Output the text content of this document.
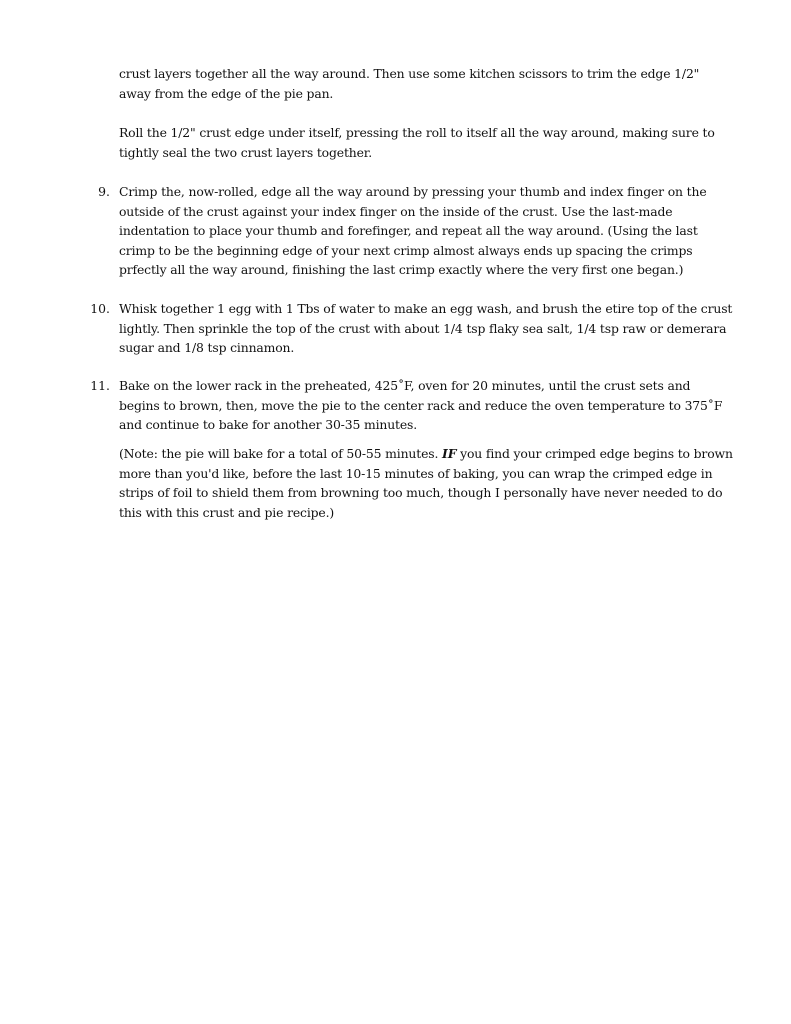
crust layers together all the way around. Then use some kitchen scissors to trim the edge 1/2" away from the edge of the pie pan.

Roll the 1/2" crust edge under itself, pressing the roll to itself all the way around, making sure to tightly seal the two crust layers together.

9. Crimp the, now-rolled, edge all the way around by pressing your thumb and index finger on the outside of the crust against your index finger on the inside of the crust. Use the last-made indentation to place your thumb and forefinger, and repeat all the way around. (Using the last crimp to be the beginning edge of your next crimp almost always ends up spacing the crimps prfectly all the way around, finishing the last crimp exactly where the very first one began.)

10. Whisk together 1 egg with 1 Tbs of water to make an egg wash, and brush the etire top of the crust lightly. Then sprinkle the top of the crust with about 1/4 tsp flaky sea salt, 1/4 tsp raw or demerara sugar and 1/8 tsp cinnamon.

11. Bake on the lower rack in the preheated, 425˚F, oven for 20 minutes, until the crust sets and begins to brown, then, move the pie to the center rack and reduce the oven temperature to 375˚F and continue to bake for another 30-35 minutes.

(Note: the pie will bake for a total of 50-55 minutes. IF you find your crimped edge begins to brown more than you'd like, before the last 10-15 minutes of baking, you can wrap the crimped edge in strips of foil to shield them from browning too much, though I personally have never needed to do this with this crust and pie recipe.)
